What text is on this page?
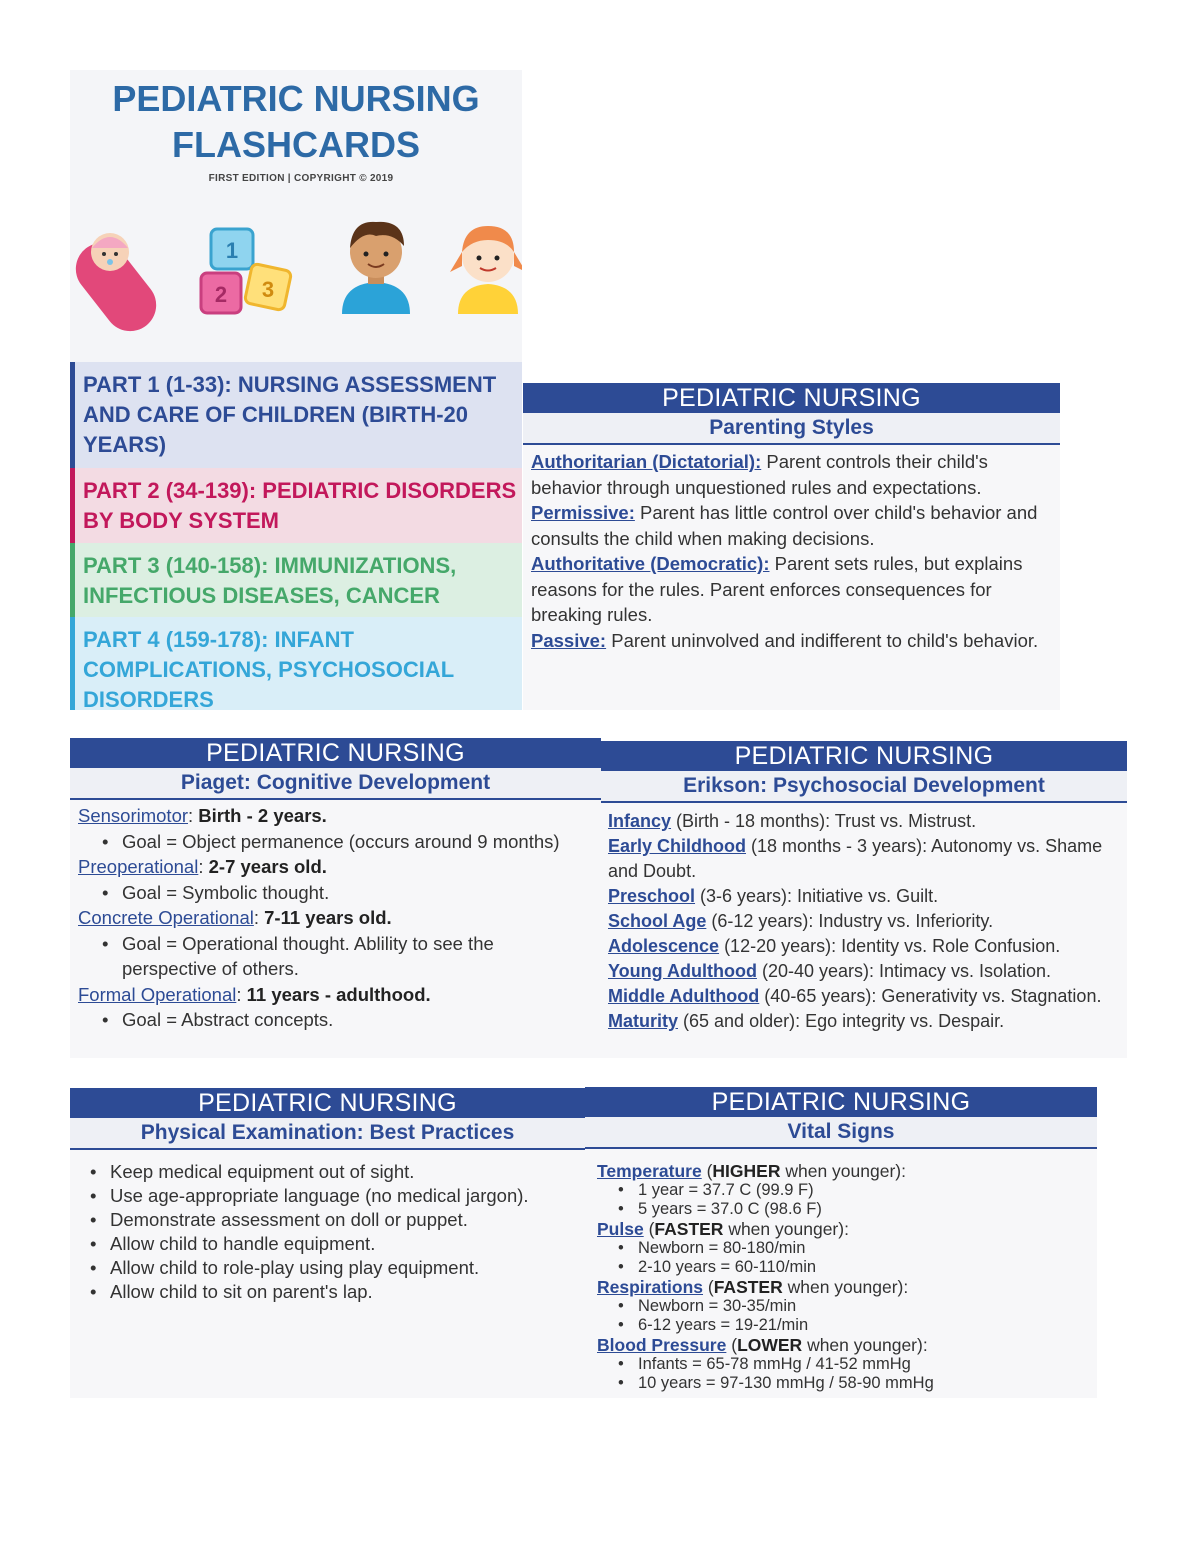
PEDIATRIC NURSING
FLASHCARDS
FIRST EDITION | COPYRIGHT © 2019
1
2 3
PART 1 (1-33): NURSING ASSESSMENT AND CARE OF CHILDREN (BIRTH-20 YEARS)
PART 2 (34-139): PEDIATRIC DISORDERS BY BODY SYSTEM
PART 3 (140-158): IMMUNIZATIONS, INFECTIOUS DISEASES, CANCER
PART 4 (159-178): INFANT COMPLICATIONS, PSYCHOSOCIAL DISORDERS
PEDIATRIC NURSING
Parenting Styles

Authoritarian (Dictatorial): Parent controls their child's behavior through unquestioned rules and expectations.

Permissive: Parent has little control over child's behavior and consults the child when making decisions.

Authoritative (Democratic): Parent sets rules, but explains reasons for the rules. Parent enforces consequences for breaking rules.

Passive: Parent uninvolved and indifferent to child's behavior.

PEDIATRIC NURSING
Piaget: Cognitive Development

Sensorimotor: Birth - 2 years.

• Goal = Object permanence (occurs around 9 months)

Preoperational: 2-7 years old.

• Goal = Symbolic thought.

Concrete Operational: 7-11 years old.

• Goal = Operational thought. Ablility to see the perspective of others.

Formal Operational: 11 years - adulthood.

• Goal = Abstract concepts.
PEDIATRIC NURSING
Erikson: Psychosocial Development

Infancy (Birth - 18 months): Trust vs. Mistrust.

Early Childhood (18 months - 3 years): Autonomy vs. Shame and Doubt.

Preschool (3-6 years): Initiative vs. Guilt.

School Age (6-12 years): Industry vs. Inferiority.

Adolescence (12-20 years): Identity vs. Role Confusion.

Young Adulthood (20-40 years): Intimacy vs. Isolation.

Middle Adulthood (40-65 years): Generativity vs. Stagnation.

Maturity (65 and older): Ego integrity vs. Despair.

PEDIATRIC NURSING
Physical Examination: Best Practices
• Keep medical equipment out of sight.
• Use age-appropriate language (no medical jargon).
• Demonstrate assessment on doll or puppet.
• Allow child to handle equipment.
• Allow child to role-play using play equipment.
• Allow child to sit on parent's lap.
PEDIATRIC NURSING
Vital Signs

Temperature (HIGHER when younger):

• 1 year = 37.7 C (99.9 F)
• 5 years = 37.0 C (98.6 F)

Pulse (FASTER when younger):

• Newborn = 80-180/min
• 2-10 years = 60-110/min

Respirations (FASTER when younger):

• Newborn = 30-35/min
• 6-12 years = 19-21/min

Blood Pressure (LOWER when younger):

• Infants = 65-78 mmHg / 41-52 mmHg
• 10 years = 97-130 mmHg / 58-90 mmHg
